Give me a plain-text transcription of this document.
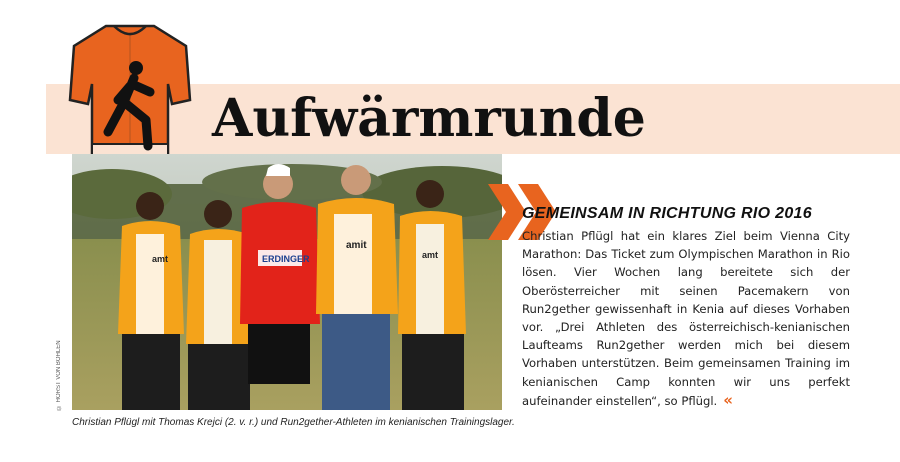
Aufwärmrunde
amt	ERDINGER
amit
amt
© HORST VON BOHLEN
Christian Pflügl mit Thomas Krejci (2. v. r.) und Run2gether-Athleten im kenianischen Trainingslager.
GEMEINSAM IN RICHTUNG RIO 2016
Christian Pflügl hat ein klares Ziel beim Vienna City Marathon: Das Ticket zum Olympischen Marathon in Rio lösen. Vier Wochen lang bereitete sich der Oberösterreicher mit seinen Pacemakern von Run2gether gewissenhaft in Kenia auf dieses Vorhaben vor. „Drei Athleten des österreichisch-kenianischen Laufteams Run2gether werden mich bei diesem Vorhaben unterstützen. Beim gemeinsamen Training im kenianischen Camp konnten wir uns perfekt aufeinander einstellen“, so Pflügl. «
